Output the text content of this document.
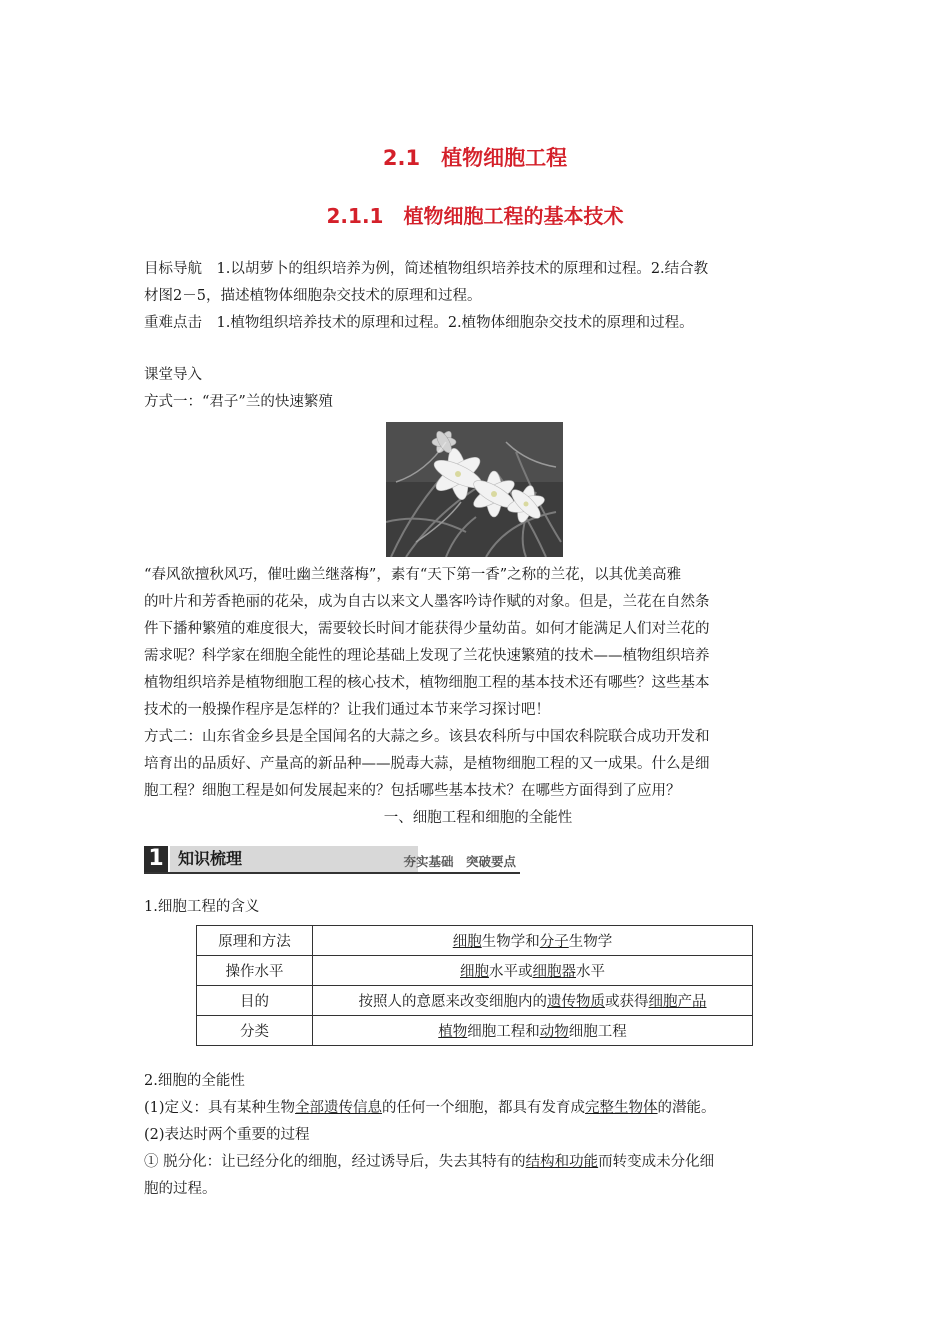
2.1　植物细胞工程
2.1.1　植物细胞工程的基本技术
目标导航　1.以胡萝卜的组织培养为例，简述植物组织培养技术的原理和过程。2.结合教
材图2－5，描述植物体细胞杂交技术的原理和过程。
重难点击　1.植物组织培养技术的原理和过程。2.植物体细胞杂交技术的原理和过程。
课堂导入
方式一：“君子”兰的快速繁殖
“春风欲擅秋风巧，催吐幽兰继落梅”，素有“天下第一香”之称的兰花，以其优美高雅
的叶片和芳香艳丽的花朵，成为自古以来文人墨客吟诗作赋的对象。但是，兰花在自然条
件下播种繁殖的难度很大，需要较长时间才能获得少量幼苗。如何才能满足人们对兰花的
需求呢？科学家在细胞全能性的理论基础上发现了兰花快速繁殖的技术——植物组织培养
植物组织培养是植物细胞工程的核心技术，植物细胞工程的基本技术还有哪些？这些基本
技术的一般操作程序是怎样的？让我们通过本节来学习探讨吧！
方式二：山东省金乡县是全国闻名的大蒜之乡。该县农科所与中国农科院联合成功开发和
培育出的品质好、产量高的新品种——脱毒大蒜，是植物细胞工程的又一成果。什么是细
胞工程？细胞工程是如何发展起来的？包括哪些基本技术？在哪些方面得到了应用？
一、细胞工程和细胞的全能性
1 知识梳理	夯实基础　突破要点
1.细胞工程的含义
原理和方法	细胞生物学和分子生物学
操作水平	细胞水平或细胞器水平
目的	按照人的意愿来改变细胞内的遗传物质或获得细胞产品
分类	植物细胞工程和动物细胞工程
2.细胞的全能性
(1)定义：具有某种生物全部遗传信息的任何一个细胞，都具有发育成完整生物体的潜能。
(2)表达时两个重要的过程
① 脱分化：让已经分化的细胞，经过诱导后，失去其特有的结构和功能而转变成未分化细
胞的过程。
